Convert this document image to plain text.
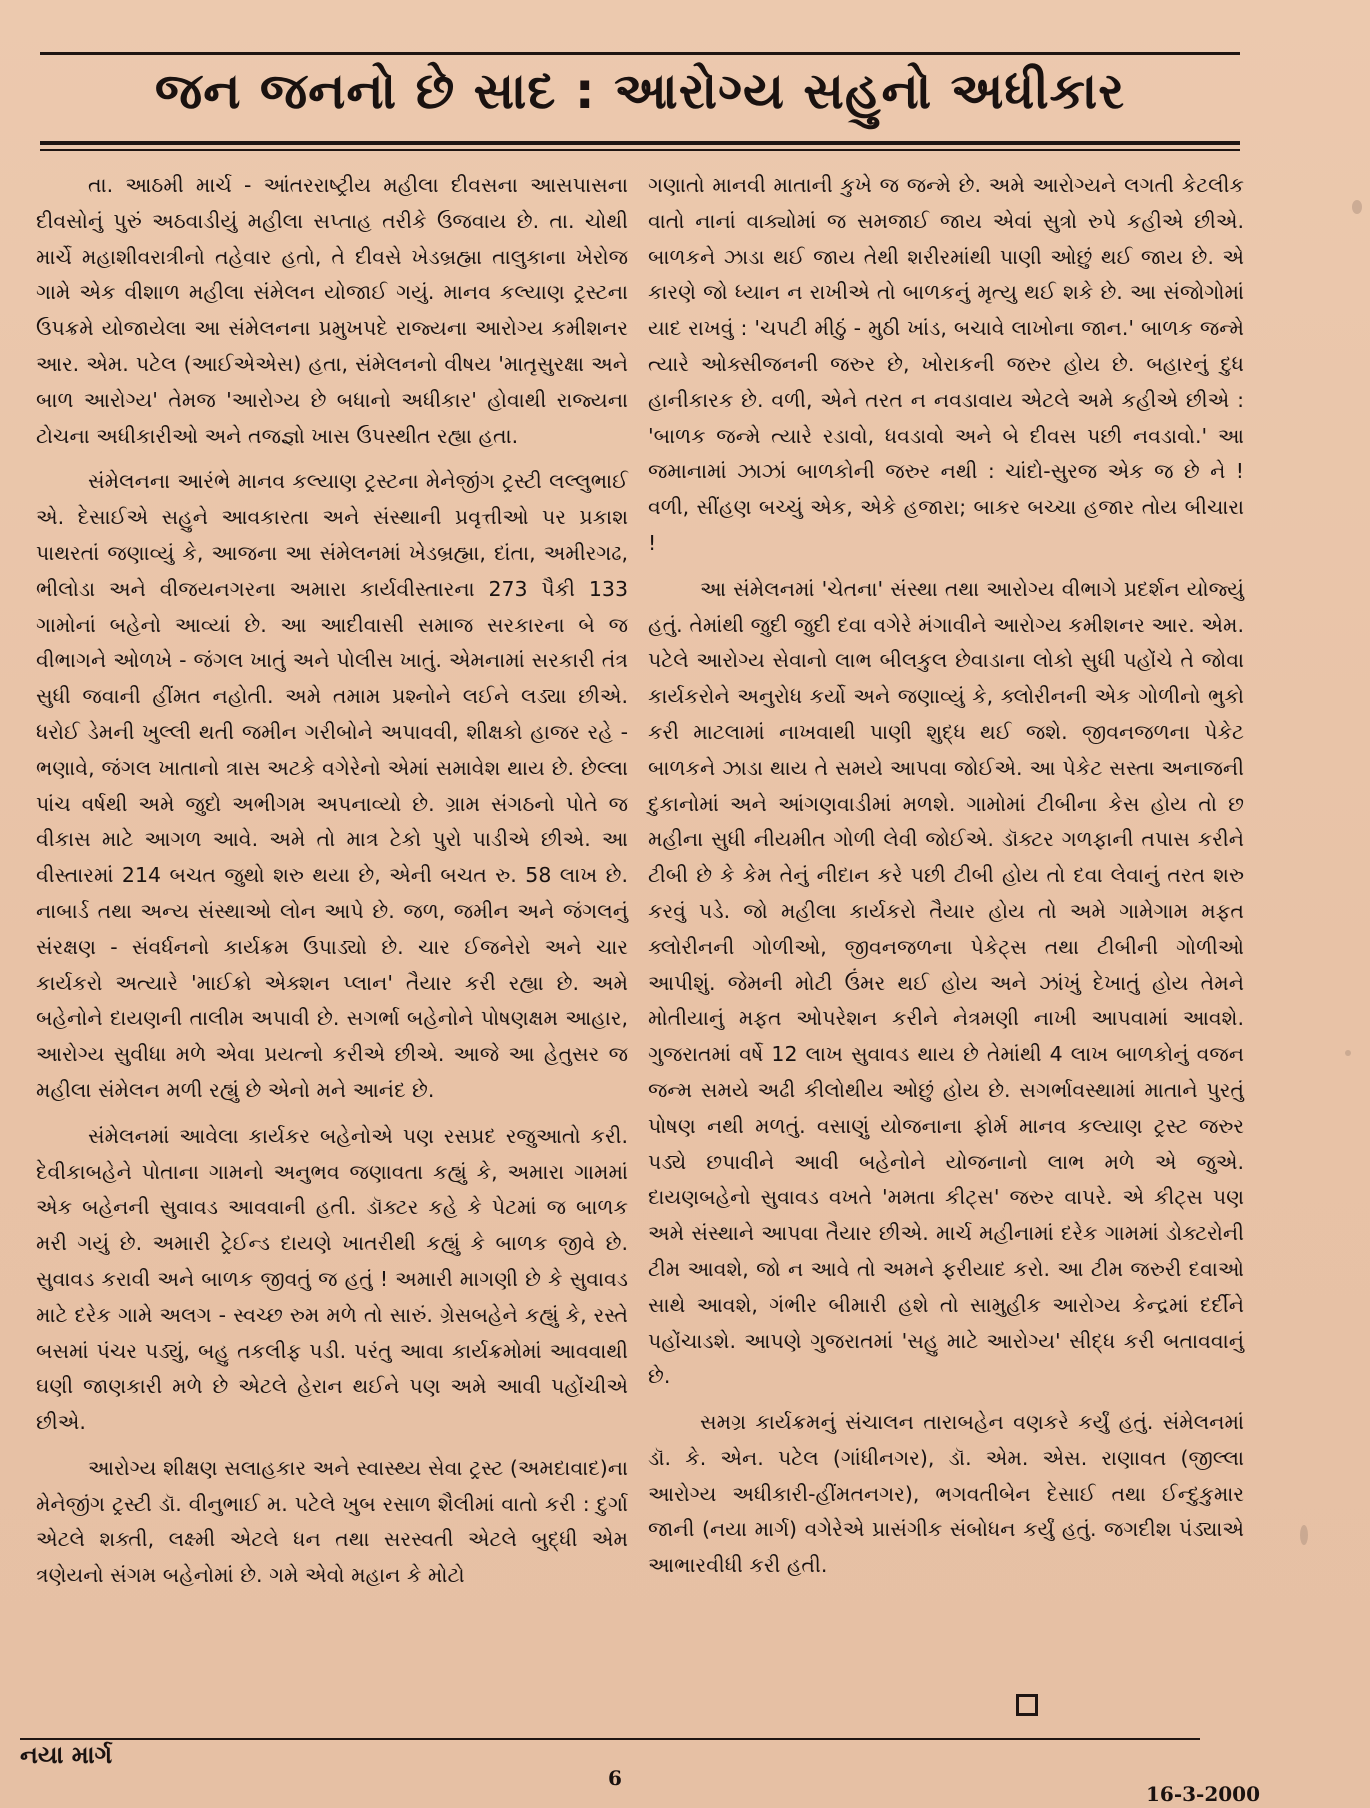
જન જનનો છે સાદ : આરોગ્ય સહુનો અધીકાર

તા. આઠમી માર્ચ - આંતરરાષ્ટ્રીય મહીલા દીવસના આસપાસના દીવસોનું પુરું અઠવાડીયું મહીલા સપ્તાહ તરીકે ઉજવાય છે. તા. ચોથી માર્ચે મહાશીવરાત્રીનો તહેવાર હતો, તે દીવસે ખેડબ્રહ્મા તાલુકાના ખેરોજ ગામે એક વીશાળ મહીલા સંમેલન યોજાઈ ગયું. માનવ કલ્યાણ ટ્રસ્ટના ઉપક્રમે યોજાયેલા આ સંમેલનના પ્રમુખપદે રાજ્યના આરોગ્ય કમીશનર આર. એમ. પટેલ (આઈએએસ) હતા, સંમેલનનો વીષય 'માતૃસુરક્ષા અને બાળ આરોગ્ય' તેમજ 'આરોગ્ય છે બધાનો અધીકાર' હોવાથી રાજ્યના ટોચના અધીકારીઓ અને તજજ્ઞો ખાસ ઉપસ્થીત રહ્યા હતા.

સંમેલનના આરંભે માનવ કલ્યાણ ટ્રસ્ટના મેનેજીંગ ટ્રસ્ટી લલ્લુભાઈ એ. દેસાઈએ સહુને આવકારતા અને સંસ્થાની પ્રવૃત્તીઓ પર પ્રકાશ પાથરતાં જણાવ્યું કે, આજના આ સંમેલનમાં ખેડબ્રહ્મા, દાંતા, અમીરગઢ, ભીલોડા અને વીજયનગરના અમારા કાર્યવીસ્તારના 273 પૈકી 133 ગામોનાં બહેનો આવ્યાં છે. આ આદીવાસી સમાજ સરકારના બે જ વીભાગને ઓળખે - જંગલ ખાતું અને પોલીસ ખાતું. એમનામાં સરકારી તંત્ર સુધી જવાની હીંમત નહોતી. અમે તમામ પ્રશ્નોને લઈને લડ્યા છીએ. ધરોઈ ડેમની ખુલ્લી થતી જમીન ગરીબોને અપાવવી, શીક્ષકો હાજર રહે - ભણાવે, જંગલ ખાતાનો ત્રાસ અટકે વગેરેનો એમાં સમાવેશ થાય છે. છેલ્લા પાંચ વર્ષથી અમે જુદો અભીગમ અપનાવ્યો છે. ગ્રામ સંગઠનો પોતે જ વીકાસ માટે આગળ આવે. અમે તો માત્ર ટેકો પુરો પાડીએ છીએ. આ વીસ્તારમાં 214 બચત જુથો શરુ થયા છે, એની બચત રુ. 58 લાખ છે. નાબાર્ડ તથા અન્ય સંસ્થાઓ લોન આપે છે. જળ, જમીન અને જંગલનું સંરક્ષણ - સંવર્ધનનો કાર્યક્રમ ઉપાડ્યો છે. ચાર ઈજનેરો અને ચાર કાર્યકરો અત્યારે 'માઈક્રો એક્શન પ્લાન' તૈયાર કરી રહ્યા છે. અમે બહેનોને દાયણની તાલીમ અપાવી છે. સગર્ભા બહેનોને પોષણક્ષમ આહાર, આરોગ્ય સુવીધા મળે એવા પ્રયત્નો કરીએ છીએ. આજે આ હેતુસર જ મહીલા સંમેલન મળી રહ્યું છે એનો મને આનંદ છે.

સંમેલનમાં આવેલા કાર્યકર બહેનોએ પણ રસપ્રદ રજુઆતો કરી. દેવીકાબહેને પોતાના ગામનો અનુભવ જણાવતા કહ્યું કે, અમારા ગામમાં એક બહેનની સુવાવડ આવવાની હતી. ડૉક્ટર કહે કે પેટમાં જ બાળક મરી ગયું છે. અમારી ટ્રેઈન્ડ દાયણે ખાતરીથી કહ્યું કે બાળક જીવે છે. સુવાવડ કરાવી અને બાળક જીવતું જ હતું ! અમારી માગણી છે કે સુવાવડ માટે દરેક ગામે અલગ - સ્વચ્છ રુમ મળે તો સારું. ગ્રેસબહેને કહ્યું કે, રસ્તે બસમાં પંચર પડ્યું, બહુ તકલીફ પડી. પરંતુ આવા કાર્યક્રમોમાં આવવાથી ઘણી જાણકારી મળે છે એટલે હેરાન થઈને પણ અમે આવી પહોંચીએ છીએ.

આરોગ્ય શીક્ષણ સલાહકાર અને સ્વાસ્થ્ય સેવા ટ્રસ્ટ (અમદાવાદ)ના મેનેજીંગ ટ્રસ્ટી ડૉ. વીનુભાઈ મ. પટેલે ખુબ રસાળ શૈલીમાં વાતો કરી : દુર્ગા એટલે શક્તી, લક્ષ્મી એટલે ધન તથા સરસ્વતી એટલે બુદ્ધી એમ ત્રણેયનો સંગમ બહેનોમાં છે. ગમે એવો મહાન કે મોટો

ગણાતો માનવી માતાની કુખે જ જન્મે છે. અમે આરોગ્યને લગતી કેટલીક વાતો નાનાં વાક્યોમાં જ સમજાઈ જાય એવાં સુત્રો રુપે કહીએ છીએ. બાળકને ઝાડા થઈ જાય તેથી શરીરમાંથી પાણી ઓછું થઈ જાય છે. એ કારણે જો ધ્યાન ન રાખીએ તો બાળકનું મૃત્યુ થઈ શકે છે. આ સંજોગોમાં યાદ રાખવું : 'ચપટી મીઠું - મુઠી ખાંડ, બચાવે લાખોના જાન.' બાળક જન્મે ત્યારે ઓક્સીજનની જરુર છે, ખોરાકની જરુર હોય છે. બહારનું દુધ હાનીકારક છે. વળી, એને તરત ન નવડાવાય એટલે અમે કહીએ છીએ : 'બાળક જન્મે ત્યારે રડાવો, ધવડાવો અને બે દીવસ પછી નવડાવો.' આ જમાનામાં ઝાઝાં બાળકોની જરુર નથી : ચાંદો-સુરજ એક જ છે ને ! વળી, સીંહણ બચ્ચું એક, એકે હજારા; બાકર બચ્ચા હજાર તોય બીચારા !

આ સંમેલનમાં 'ચેતના' સંસ્થા તથા આરોગ્ય વીભાગે પ્રદર્શન યોજ્યું હતું. તેમાંથી જુદી જુદી દવા વગેરે મંગાવીને આરોગ્ય કમીશનર આર. એમ. પટેલે આરોગ્ય સેવાનો લાભ બીલકુલ છેવાડાના લોકો સુધી પહોંચે તે જોવા કાર્યકરોને અનુરોધ કર્યો અને જણાવ્યું કે, ક્લોરીનની એક ગોળીનો ભુકો કરી માટલામાં નાખવાથી પાણી શુદ્ધ થઈ જશે. જીવનજળના પેકેટ બાળકને ઝાડા થાય તે સમયે આપવા જોઈએ. આ પેકેટ સસ્તા અનાજની દુકાનોમાં અને આંગણવાડીમાં મળશે. ગામોમાં ટીબીના કેસ હોય તો છ મહીના સુધી નીયમીત ગોળી લેવી જોઈએ. ડૉક્ટર ગળફાની તપાસ કરીને ટીબી છે કે કેમ તેનું નીદાન કરે પછી ટીબી હોય તો દવા લેવાનું તરત શરુ કરવું પડે. જો મહીલા કાર્યકરો તૈયાર હોય તો અમે ગામેગામ મફત ક્લોરીનની ગોળીઓ, જીવનજળના પેકેટ્સ તથા ટીબીની ગોળીઓ આપીશું. જેમની મોટી ઉંમર થઈ હોય અને ઝાંખું દેખાતું હોય તેમને મોતીયાનું મફત ઓપરેશન કરીને નેત્રમણી નાખી આપવામાં આવશે. ગુજરાતમાં વર્ષે 12 લાખ સુવાવડ થાય છે તેમાંથી 4 લાખ બાળકોનું વજન જન્મ સમયે અઢી કીલોથીય ઓછું હોય છે. સગર્ભાવસ્થામાં માતાને પુરતું પોષણ નથી મળતું. વસાણું યોજનાના ફોર્મ માનવ કલ્યાણ ટ્રસ્ટ જરુર પડ્યે છપાવીને આવી બહેનોને યોજનાનો લાભ મળે એ જુએ. દાયણબહેનો સુવાવડ વખતે 'મમતા કીટ્સ' જરુર વાપરે. એ કીટ્સ પણ અમે સંસ્થાને આપવા તૈયાર છીએ. માર્ચ મહીનામાં દરેક ગામમાં ડોક્ટરોની ટીમ આવશે, જો ન આવે તો અમને ફરીયાદ કરો. આ ટીમ જરુરી દવાઓ સાથે આવશે, ગંભીર બીમારી હશે તો સામુહીક આરોગ્ય કેન્દ્રમાં દર્દીને પહોંચાડશે. આપણે ગુજરાતમાં 'સહુ માટે આરોગ્ય' સીદ્ધ કરી બતાવવાનું છે.

સમગ્ર કાર્યક્રમનું સંચાલન તારાબહેન વણકરે કર્યું હતું. સંમેલનમાં ડૉ. કે. એન. પટેલ (ગાંધીનગર), ડૉ. એમ. એસ. રાણાવત (જીલ્લા આરોગ્ય અધીકારી-હીંમતનગર), ભગવતીબેન દેસાઈ તથા ઈન્દુકુમાર જાની (નયા માર્ગ) વગેરેએ પ્રાસંગીક સંબોધન કર્યું હતું. જગદીશ પંડ્યાએ આભારવીધી કરી હતી.

નયા માર્ગ
6
16-3-2000
